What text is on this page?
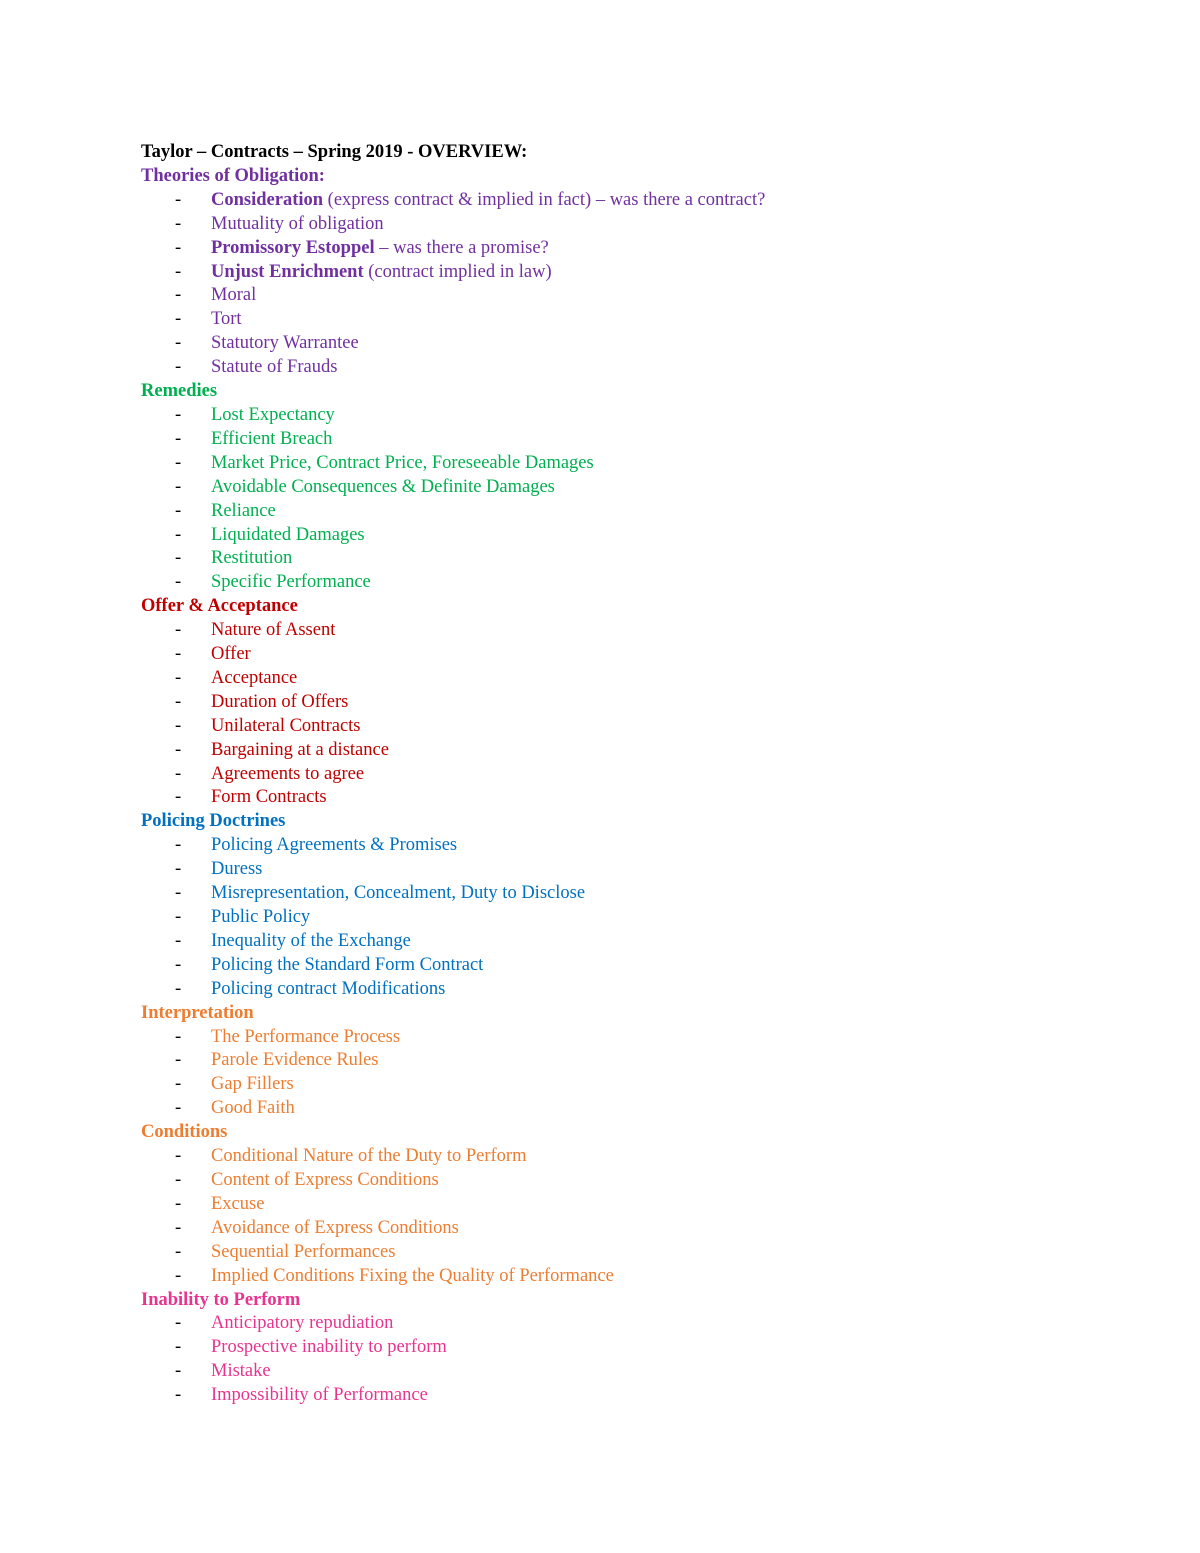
Taylor – Contracts – Spring 2019 - OVERVIEW:
Theories of Obligation:
- Consideration (express contract & implied in fact) – was there a contract?
- Mutuality of obligation
- Promissory Estoppel – was there a promise?
- Unjust Enrichment (contract implied in law)
- Moral
- Tort
- Statutory Warrantee
- Statute of Frauds
Remedies
- Lost Expectancy
- Efficient Breach
- Market Price, Contract Price, Foreseeable Damages
- Avoidable Consequences & Definite Damages
- Reliance
- Liquidated Damages
- Restitution
- Specific Performance
Offer & Acceptance
- Nature of Assent
- Offer
- Acceptance
- Duration of Offers
- Unilateral Contracts
- Bargaining at a distance
- Agreements to agree
- Form Contracts
Policing Doctrines
- Policing Agreements & Promises
- Duress
- Misrepresentation, Concealment, Duty to Disclose
- Public Policy
- Inequality of the Exchange
- Policing the Standard Form Contract
- Policing contract Modifications
Interpretation
- The Performance Process
- Parole Evidence Rules
- Gap Fillers
- Good Faith
Conditions
- Conditional Nature of the Duty to Perform
- Content of Express Conditions
- Excuse
- Avoidance of Express Conditions
- Sequential Performances
- Implied Conditions Fixing the Quality of Performance
Inability to Perform
- Anticipatory repudiation
- Prospective inability to perform
- Mistake
- Impossibility of Performance
